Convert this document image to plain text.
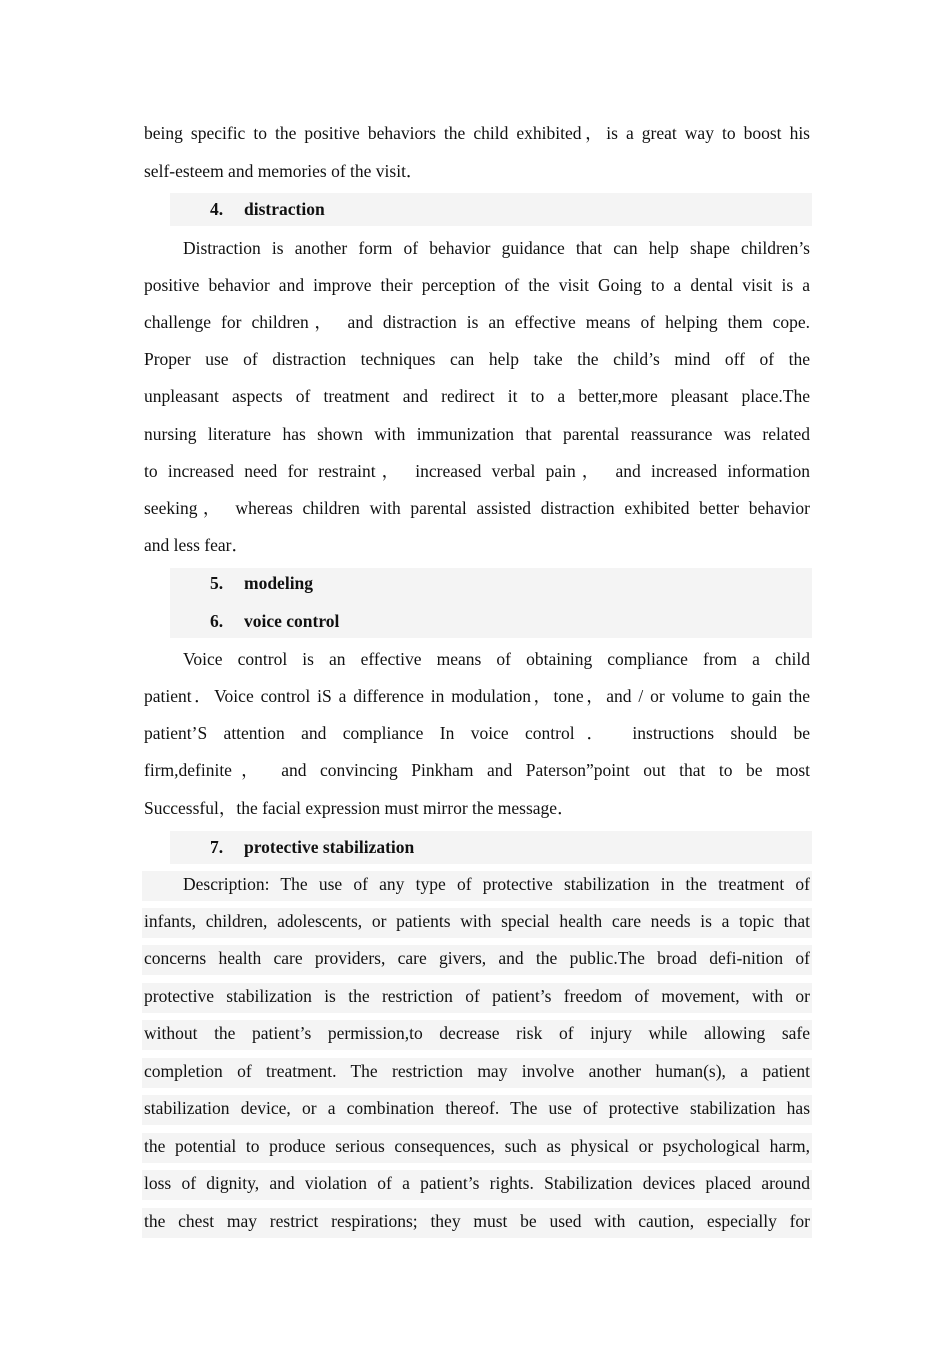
being specific to the positive behaviors the child exhibited，is a great way to boost his
self-esteem and memories of the visit．
4. distraction
Distraction is another form of behavior guidance that can help shape children’s
positive behavior and improve their perception of the visit Going to a dental visit is a
challenge for children， and distraction is an effective means of helping them cope.
Proper use of distraction techniques can help take the child’s mind off of the
unpleasant aspects of treatment and redirect it to a better,more pleasant place.The
nursing literature has shown with immunization that parental reassurance was related
to increased need for restraint， increased verbal pain， and increased information
seeking， whereas children with parental assisted distraction exhibited better behavior
and less fear．
5. modeling
6. voice control
Voice control is an effective means of obtaining compliance from a child
patient．Voice control iS a difference in modulation，tone，and / or volume to gain the
patient’S attention and compliance In voice control． instructions should be
firm,definite， and convincing Pinkham and Paterson”point out that to be most
Successful，the facial expression must mirror the message．
7. protective stabilization
Description: The use of any type of protective stabilization in the treatment of
infants, children, adolescents, or patients with special health care needs is a topic that
concerns health care providers, care givers, and the public.The broad defi-nition of
protective stabilization is the restriction of patient’s freedom of movement, with or
without the patient’s permission,to decrease risk of injury while allowing safe
completion of treatment. The restriction may involve another human(s), a patient
stabilization device, or a combination thereof. The use of protective stabilization has
the potential to produce serious consequences, such as physical or psychological harm,
loss of dignity, and violation of a patient’s rights. Stabilization devices placed around
the chest may restrict respirations; they must be used with caution, especially for
